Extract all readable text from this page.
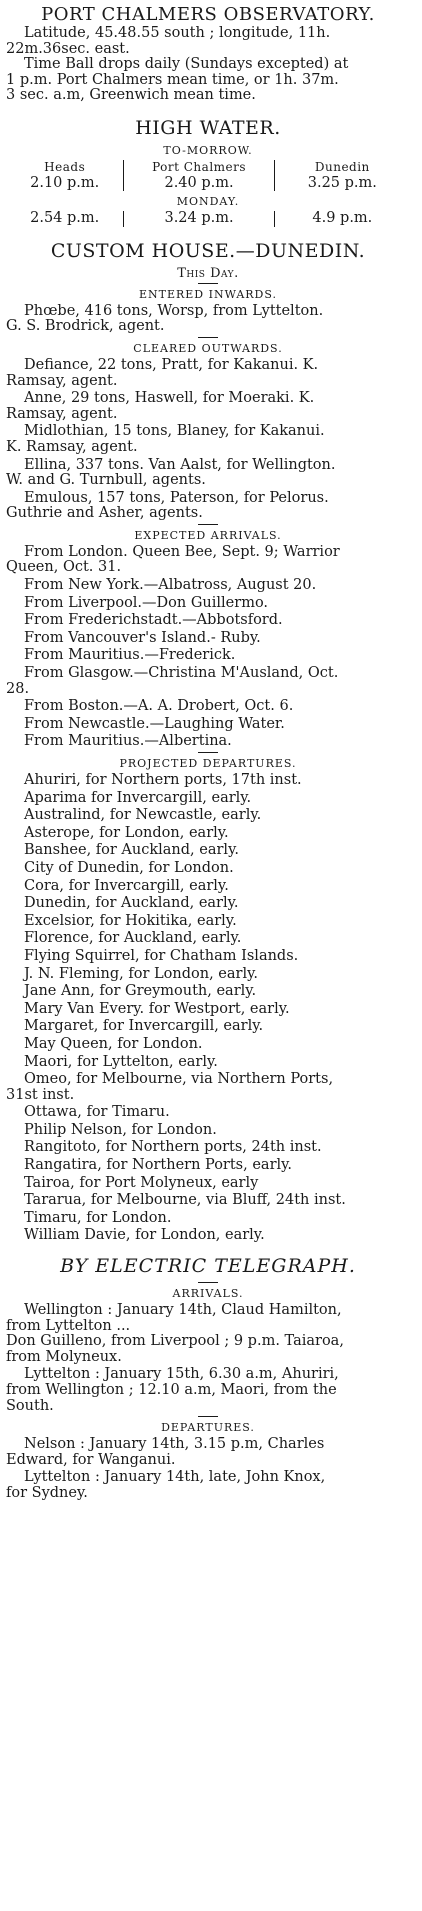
PORT CHALMERS OBSERVATORY.

Latitude, 45.48.55 south ; longitude, 11h.

22m.36sec. east.

Time Ball drops daily (Sundays excepted) at

1 p.m. Port Chalmers mean time, or 1h. 37m.

3 sec. a.m, Greenwich mean time.

HIGH WATER.
TO-MORROW.
Heads	Port Chalmers	Dunedin
2.10 p.m.	2.40 p.m.	3.25 p.m.
MONDAY.
2.54 p.m.	3.24 p.m.	4.9 p.m.
CUSTOM HOUSE.—DUNEDIN.
This Day.
ENTERED INWARDS.

Phœbe, 416 tons, Worsp, from Lyttelton.

G. S. Brodrick, agent.

CLEARED OUTWARDS.

Defiance, 22 tons, Pratt, for Kakanui. K.

Ramsay, agent.

Anne, 29 tons, Haswell, for Moeraki. K.

Ramsay, agent.

Midlothian, 15 tons, Blaney, for Kakanui.

K. Ramsay, agent.

Ellina, 337 tons. Van Aalst, for Wellington.

W. and G. Turnbull, agents.

Emulous, 157 tons, Paterson, for Pelorus.

Guthrie and Asher, agents.

EXPECTED ARRIVALS.

From London. Queen Bee, Sept. 9; Warrior

Queen, Oct. 31.

From New York.—Albatross, August 20.

From Liverpool.—Don Guillermo.

From Frederichstadt.—Abbotsford.

From Vancouver's Island.- Ruby.

From Mauritius.—Frederick.

From Glasgow.—Christina M'Ausland, Oct.

28.

From Boston.—A. A. Drobert, Oct. 6.

From Newcastle.—Laughing Water.

From Mauritius.—Albertina.

PROJECTED DEPARTURES.

Ahuriri, for Northern ports, 17th inst.

Aparima for Invercargill, early.

Australind, for Newcastle, early.

Asterope, for London, early.

Banshee, for Auckland, early.

City of Dunedin, for London.

Cora, for Invercargill, early.

Dunedin, for Auckland, early.

Excelsior, for Hokitika, early.

Florence, for Auckland, early.

Flying Squirrel, for Chatham Islands.

J. N. Fleming, for London, early.

Jane Ann, for Greymouth, early.

Mary Van Every. for Westport, early.

Margaret, for Invercargill, early.

May Queen, for London.

Maori, for Lyttelton, early.

Omeo, for Melbourne, via Northern Ports,

31st inst.

Ottawa, for Timaru.

Philip Nelson, for London.

Rangitoto, for Northern ports, 24th inst.

Rangatira, for Northern Ports, early.

Tairoa, for Port Molyneux, early

Tararua, for Melbourne, via Bluff, 24th inst.

Timaru, for London.

William Davie, for London, early.

BY ELECTRIC TELEGRAPH.
ARRIVALS.

Wellington : January 14th, Claud Hamilton,

from Lyttelton ...

Don Guilleno, from Liverpool ; 9 p.m. Taiaroa,

from Molyneux.

Lyttelton : January 15th, 6.30 a.m, Ahuriri,

from Wellington ; 12.10 a.m, Maori, from the

South.

DEPARTURES.

Nelson : January 14th, 3.15 p.m, Charles

Edward, for Wanganui.

Lyttelton : January 14th, late, John Knox,

for Sydney.
